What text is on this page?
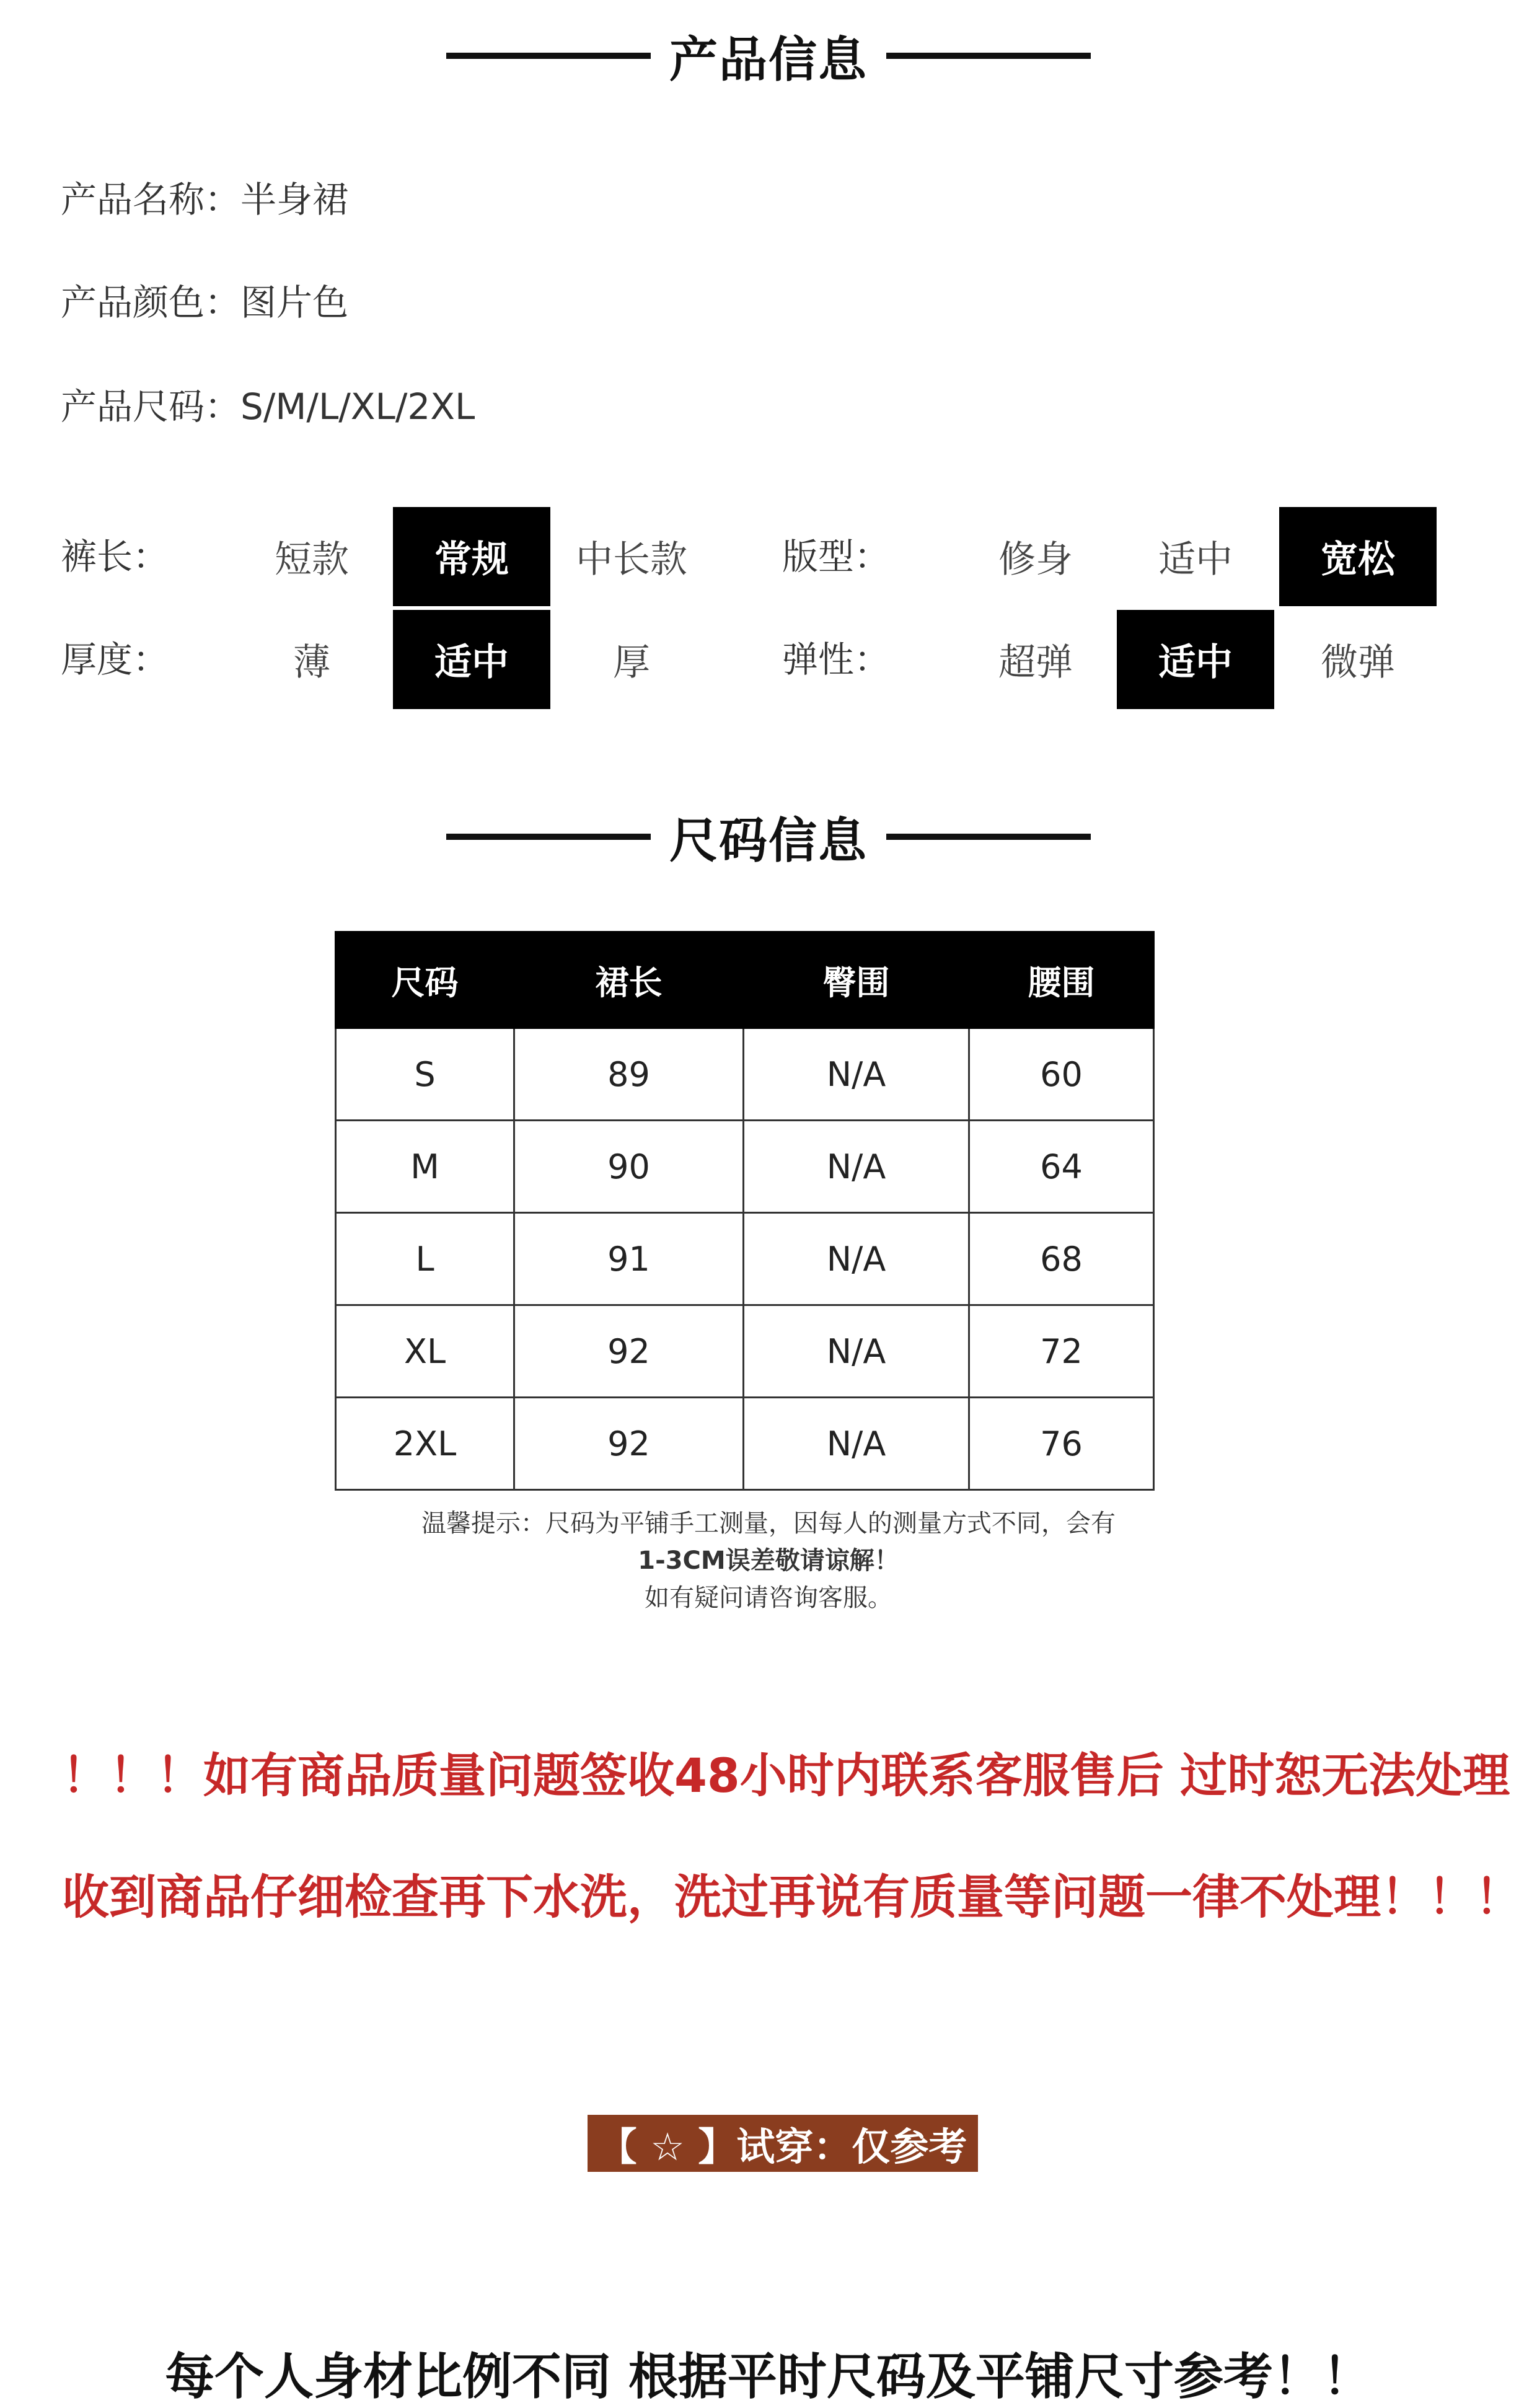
产品信息
产品名称：半身裙
产品颜色：图片色
产品尺码：S/M/L/XL/2XL
裤长：	短款	常规	中长款	版型：	修身	适中	宽松
厚度：	薄	适中	厚	弹性：	超弹	适中	微弹
尺码信息
尺码	裙长	臀围	腰围
S	89	N/A	60
M	90	N/A	64
L	91	N/A	68
XL	92	N/A	72
2XL	92	N/A	76
温馨提示：尺码为平铺手工测量，因每人的测量方式不同，会有
1-3CM误差敬请谅解！
如有疑问请咨询客服。
！！！如有商品质量问题签收48小时内联系客服售后 过时恕无法处理
收到商品仔细检查再下水洗，洗过再说有质量等问题一律不处理！！！
【 ☆ 】试穿：仅参考
每个人身材比例不同 根据平时尺码及平铺尺寸参考！！
